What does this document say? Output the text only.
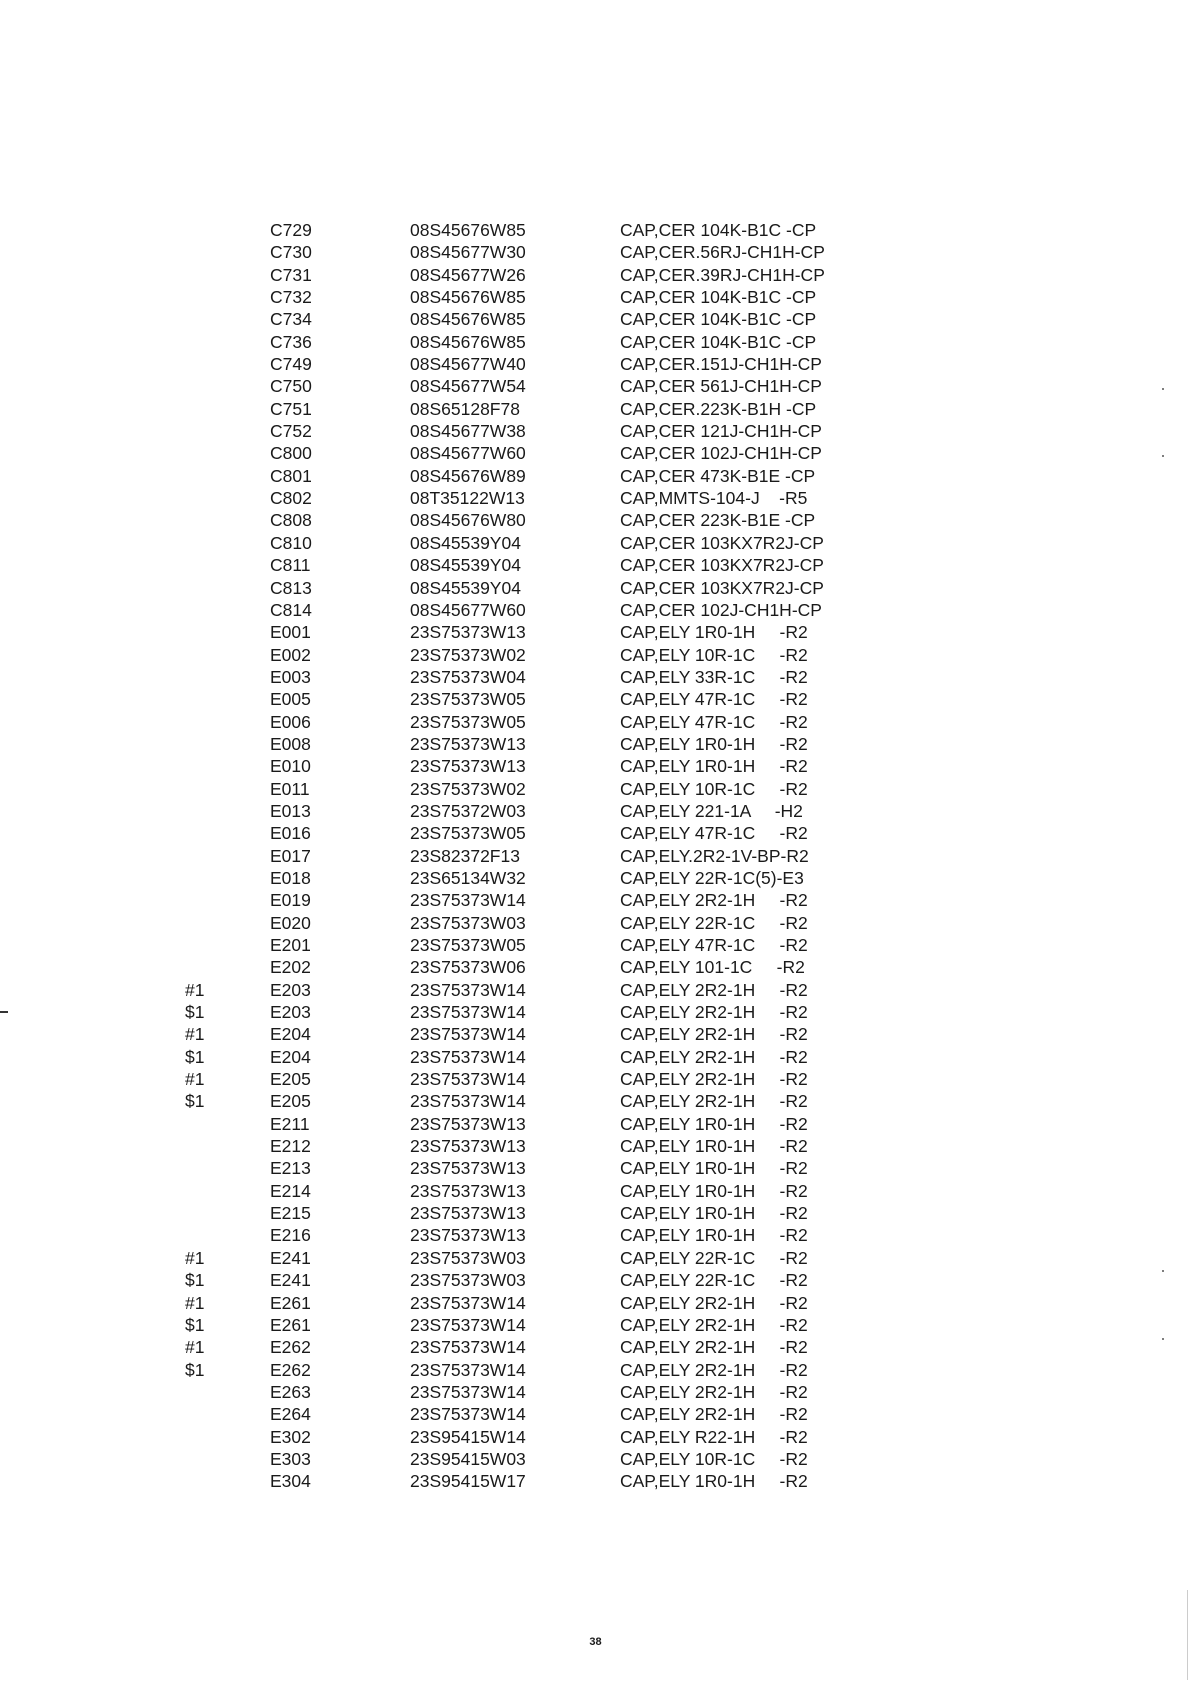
C729	08S45676W85	CAP,CER 104K-B1C -CP
C730	08S45677W30	CAP,CER.56RJ-CH1H-CP
C731	08S45677W26	CAP,CER.39RJ-CH1H-CP
C732	08S45676W85	CAP,CER 104K-B1C -CP
C734	08S45676W85	CAP,CER 104K-B1C -CP
C736	08S45676W85	CAP,CER 104K-B1C -CP
C749	08S45677W40	CAP,CER.151J-CH1H-CP
C750	08S45677W54	CAP,CER 561J-CH1H-CP
C751	08S65128F78	CAP,CER.223K-B1H -CP
C752	08S45677W38	CAP,CER 121J-CH1H-CP
C800	08S45677W60	CAP,CER 102J-CH1H-CP
C801	08S45676W89	CAP,CER 473K-B1E -CP
C802	08T35122W13	CAP,MMTS-104-J    -R5
C808	08S45676W80	CAP,CER 223K-B1E -CP
C810	08S45539Y04	CAP,CER 103KX7R2J-CP
C811	08S45539Y04	CAP,CER 103KX7R2J-CP
C813	08S45539Y04	CAP,CER 103KX7R2J-CP
C814	08S45677W60	CAP,CER 102J-CH1H-CP
E001	23S75373W13	CAP,ELY 1R0-1H     -R2
E002	23S75373W02	CAP,ELY 10R-1C     -R2
E003	23S75373W04	CAP,ELY 33R-1C     -R2
E005	23S75373W05	CAP,ELY 47R-1C     -R2
E006	23S75373W05	CAP,ELY 47R-1C     -R2
E008	23S75373W13	CAP,ELY 1R0-1H     -R2
E010	23S75373W13	CAP,ELY 1R0-1H     -R2
E011	23S75373W02	CAP,ELY 10R-1C     -R2
E013	23S75372W03	CAP,ELY 221-1A     -H2
E016	23S75373W05	CAP,ELY 47R-1C     -R2
E017	23S82372F13	CAP,ELY.2R2-1V-BP-R2
E018	23S65134W32	CAP,ELY 22R-1C(5)-E3
E019	23S75373W14	CAP,ELY 2R2-1H     -R2
E020	23S75373W03	CAP,ELY 22R-1C     -R2
E201	23S75373W05	CAP,ELY 47R-1C     -R2
E202	23S75373W06	CAP,ELY 101-1C     -R2
#1	E203	23S75373W14	CAP,ELY 2R2-1H     -R2
$1	E203	23S75373W14	CAP,ELY 2R2-1H     -R2
#1	E204	23S75373W14	CAP,ELY 2R2-1H     -R2
$1	E204	23S75373W14	CAP,ELY 2R2-1H     -R2
#1	E205	23S75373W14	CAP,ELY 2R2-1H     -R2
$1	E205	23S75373W14	CAP,ELY 2R2-1H     -R2
E211	23S75373W13	CAP,ELY 1R0-1H     -R2
E212	23S75373W13	CAP,ELY 1R0-1H     -R2
E213	23S75373W13	CAP,ELY 1R0-1H     -R2
E214	23S75373W13	CAP,ELY 1R0-1H     -R2
E215	23S75373W13	CAP,ELY 1R0-1H     -R2
E216	23S75373W13	CAP,ELY 1R0-1H     -R2
#1	E241	23S75373W03	CAP,ELY 22R-1C     -R2
$1	E241	23S75373W03	CAP,ELY 22R-1C     -R2
#1	E261	23S75373W14	CAP,ELY 2R2-1H     -R2
$1	E261	23S75373W14	CAP,ELY 2R2-1H     -R2
#1	E262	23S75373W14	CAP,ELY 2R2-1H     -R2
$1	E262	23S75373W14	CAP,ELY 2R2-1H     -R2
E263	23S75373W14	CAP,ELY 2R2-1H     -R2
E264	23S75373W14	CAP,ELY 2R2-1H     -R2
E302	23S95415W14	CAP,ELY R22-1H     -R2
E303	23S95415W03	CAP,ELY 10R-1C     -R2
E304	23S95415W17	CAP,ELY 1R0-1H     -R2
38
